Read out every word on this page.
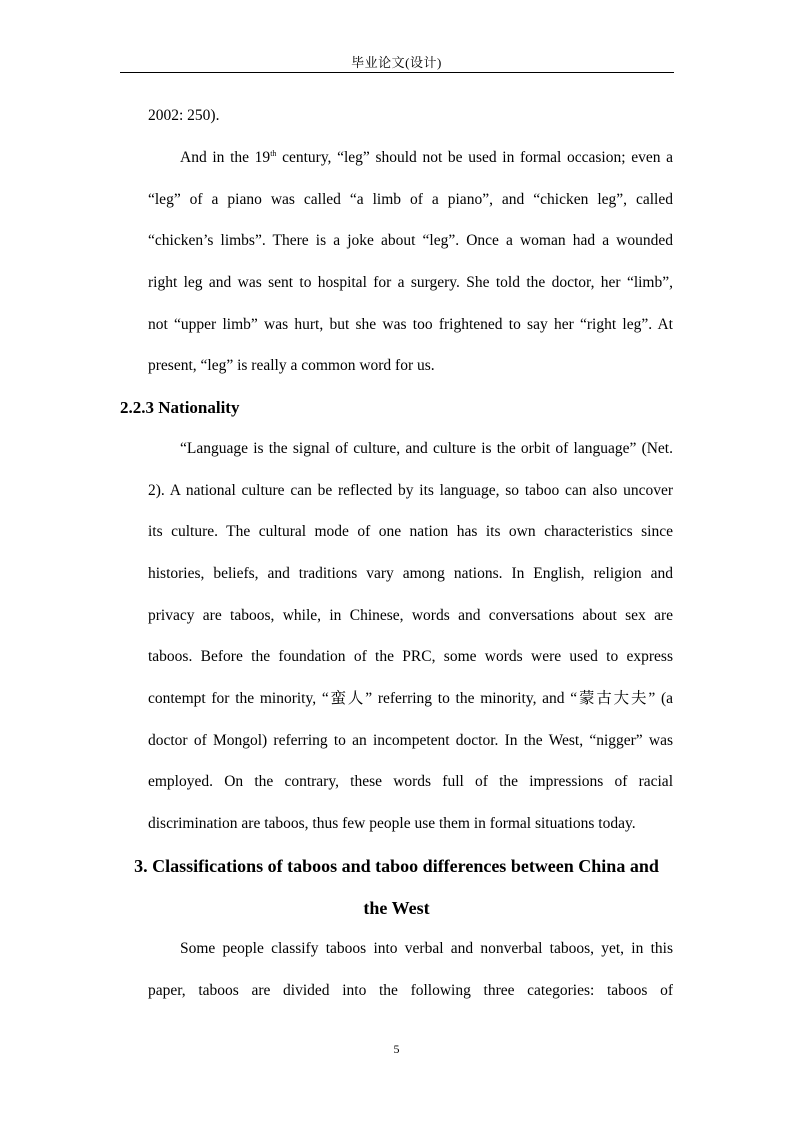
毕业论文(设计)
2002: 250).
And in the 19th century, “leg” should not be used in formal occasion; even a
“leg” of a piano was called “a limb of a piano”, and “chicken leg”, called
“chicken’s limbs”. There is a joke about “leg”. Once a woman had a wounded
right leg and was sent to hospital for a surgery. She told the doctor, her “limb”,
not “upper limb” was hurt, but she was too frightened to say her “right leg”. At
present, “leg” is really a common word for us.
2.2.3 Nationality
“Language is the signal of culture, and culture is the orbit of language” (Net.
2). A national culture can be reflected by its language, so taboo can also uncover
its culture. The cultural mode of one nation has its own characteristics since
histories, beliefs, and traditions vary among nations. In English, religion and
privacy are taboos, while, in Chinese, words and conversations about sex are
taboos. Before the foundation of the PRC, some words were used to express
contempt for the minority, “蛮人” referring to the minority, and “蒙古大夫” (a
doctor of Mongol) referring to an incompetent doctor. In the West, “nigger” was
employed. On the contrary, these words full of the impressions of racial
discrimination are taboos, thus few people use them in formal situations today.
3. Classifications of taboos and taboo differences between China and
the West
Some people classify taboos into verbal and nonverbal taboos, yet, in this
paper, taboos are divided into the following three categories: taboos of
5
